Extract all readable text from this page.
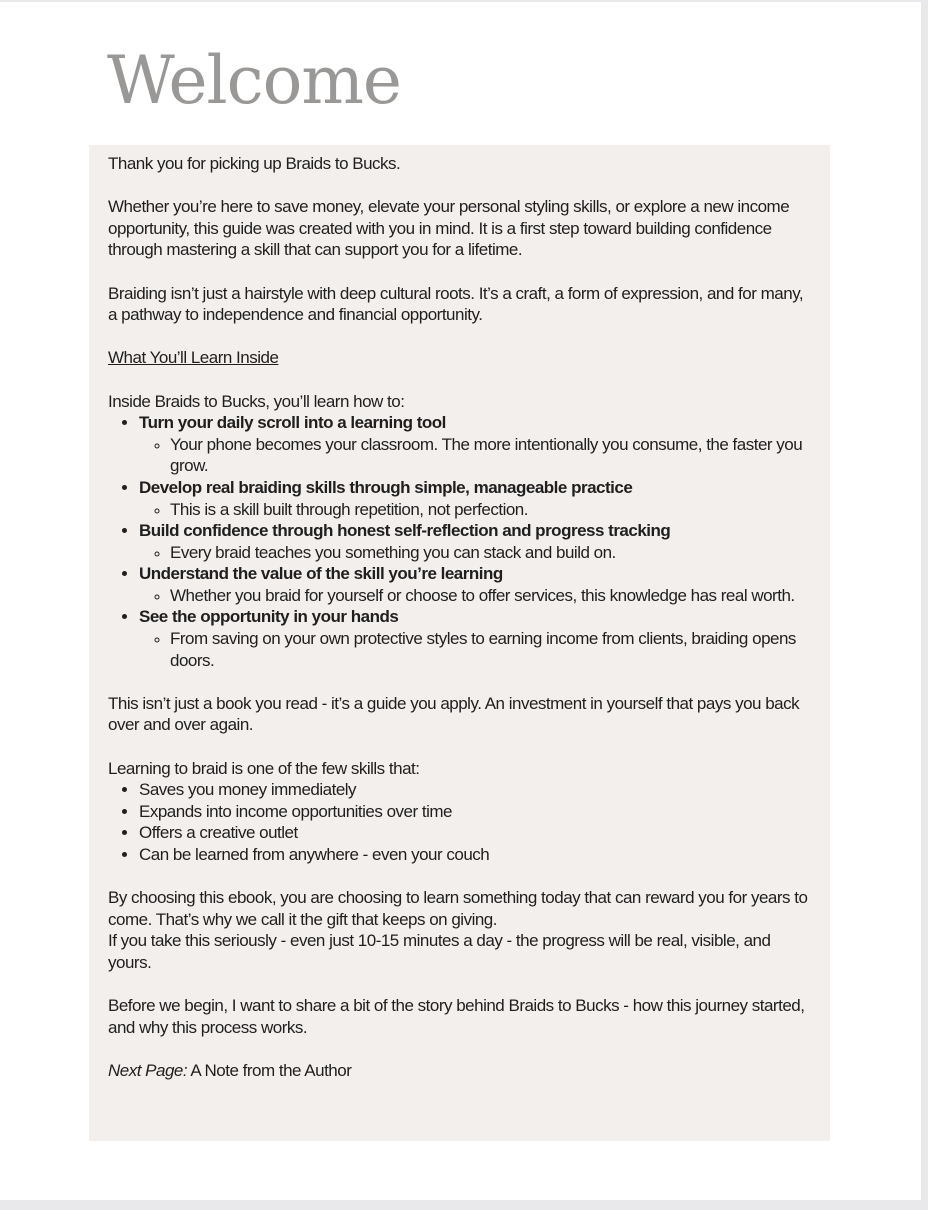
Welcome

Thank you for picking up Braids to Bucks.

Whether you’re here to save money, elevate your personal styling skills, or explore a new income opportunity, this guide was created with you in mind. It is a first step toward building confidence through mastering a skill that can support you for a lifetime.

Braiding isn’t just a hairstyle with deep cultural roots. It’s a craft, a form of expression, and for many, a pathway to independence and financial opportunity.

What You’ll Learn Inside

Inside Braids to Bucks, you’ll learn how to:

• Turn your daily scroll into a learning tool
◦ Your phone becomes your classroom. The more intentionally you consume, the faster you grow.
• Develop real braiding skills through simple, manageable practice
◦ This is a skill built through repetition, not perfection.
• Build confidence through honest self-reflection and progress tracking
◦ Every braid teaches you something you can stack and build on.
• Understand the value of the skill you’re learning
◦ Whether you braid for yourself or choose to offer services, this knowledge has real worth.
• See the opportunity in your hands
◦ From saving on your own protective styles to earning income from clients, braiding opens doors.

This isn’t just a book you read - it’s a guide you apply. An investment in yourself that pays you back over and over again.

Learning to braid is one of the few skills that:

• Saves you money immediately
• Expands into income opportunities over time
• Offers a creative outlet
• Can be learned from anywhere - even your couch

By choosing this ebook, you are choosing to learn something today that can reward you for years to come. That’s why we call it the gift that keeps on giving.

If you take this seriously - even just 10-15 minutes a day - the progress will be real, visible, and yours.

Before we begin, I want to share a bit of the story behind Braids to Bucks - how this journey started, and why this process works.

Next Page: A Note from the Author
